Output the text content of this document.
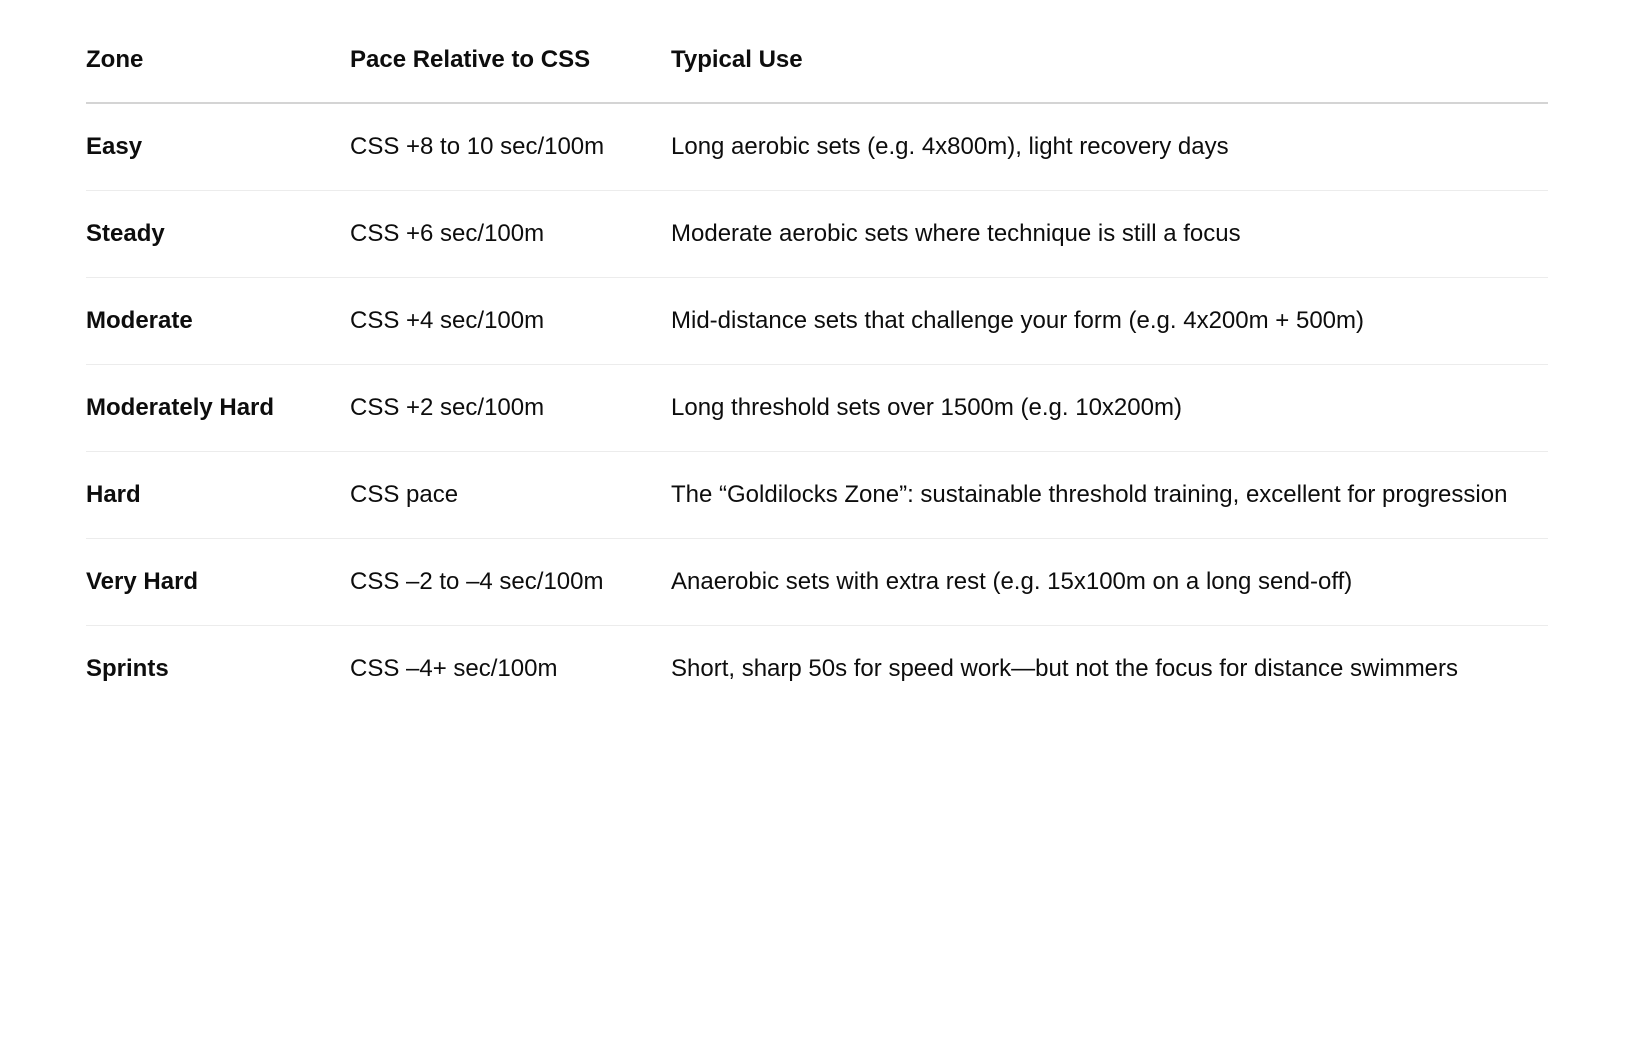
Zone	Pace Relative to CSS	Typical Use
Easy	CSS +8 to 10 sec/100m	Long aerobic sets (e.g. 4x800m), light recovery days
Steady	CSS +6 sec/100m	Moderate aerobic sets where technique is still a focus
Moderate	CSS +4 sec/100m	Mid-distance sets that challenge your form (e.g. 4x200m + 500m)
Moderately Hard	CSS +2 sec/100m	Long threshold sets over 1500m (e.g. 10x200m)
Hard	CSS pace	The “Goldilocks Zone”: sustainable threshold training, excellent for progression
Very Hard	CSS –2 to –4 sec/100m	Anaerobic sets with extra rest (e.g. 15x100m on a long send-off)
Sprints	CSS –4+ sec/100m	Short, sharp 50s for speed work—but not the focus for distance swimmers
